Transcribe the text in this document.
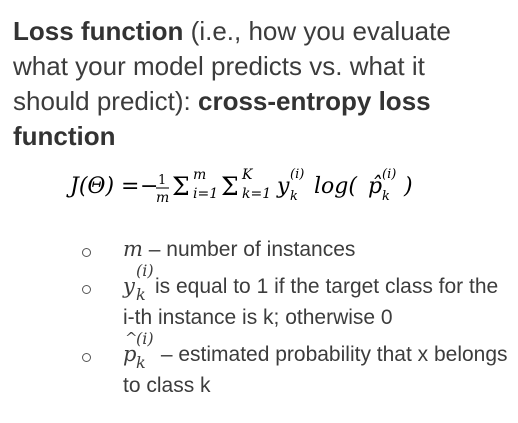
Loss function (i.e., how you evaluate what your model predicts vs. what it should predict): cross-entropy loss function
J(Θ) = − 1
m Σ m
i=1 Σ K
k=1 y (i)
k log( p̂ (i)
k )
m – number of instances
y
(i)
k is equal to 1 if the target class for the i-th instance is k; otherwise 0
^ p
(i)
k – estimated probability that x belongs to class k
